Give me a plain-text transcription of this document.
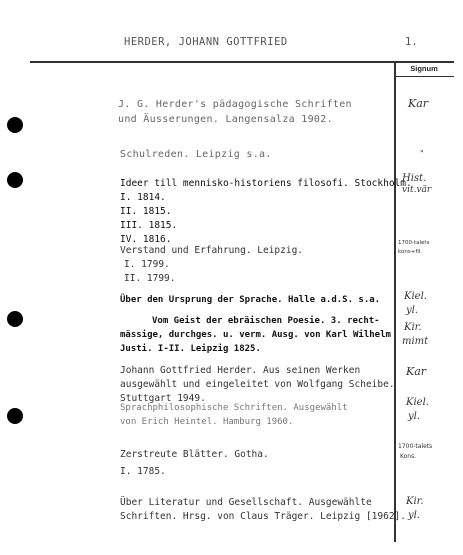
HERDER, JOHANN GOTTFRIED	1.
Signum
J. G. Herder's pädagogische Schriften
und Äusserungen. Langensalza 1902.
Kar
Schulreden. Leipzig s.a.	"
Ideer till mennisko-historiens filosofi. Stockholm.
I. 1814.
II. 1815.
III. 1815.
IV. 1816.
Hist.
vit.vär
Verstand und Erfahrung. Leipzig.
I. 1799.
II. 1799.
1700-talets
kons+fil.
Über den Ursprung der Sprache. Halle a.d.S. s.a. Kiel.
yl.
Vom Geist der ebräischen Poesie. 3. recht-
mässige, durchges. u. verm. Ausg. von Karl Wilhelm
Justi. I-II. Leipzig 1825.
Kir.
mimt
Johann Gottfried Herder. Aus seinen Werken
ausgewählt und eingeleitet von Wolfgang Scheibe.
Stuttgart 1949.
Kar
Sprachphilosophische Schriften. Ausgewählt
von Erich Heintel. Hamburg 1960.
Kiel.
yl.
Zerstreute Blätter. Gotha.
I. 1785.
1700-talets
Kons.
Über Literatur und Gesellschaft. Ausgewählte
Schriften. Hrsg. von Claus Träger. Leipzig [1962].
Kir.
yl.
